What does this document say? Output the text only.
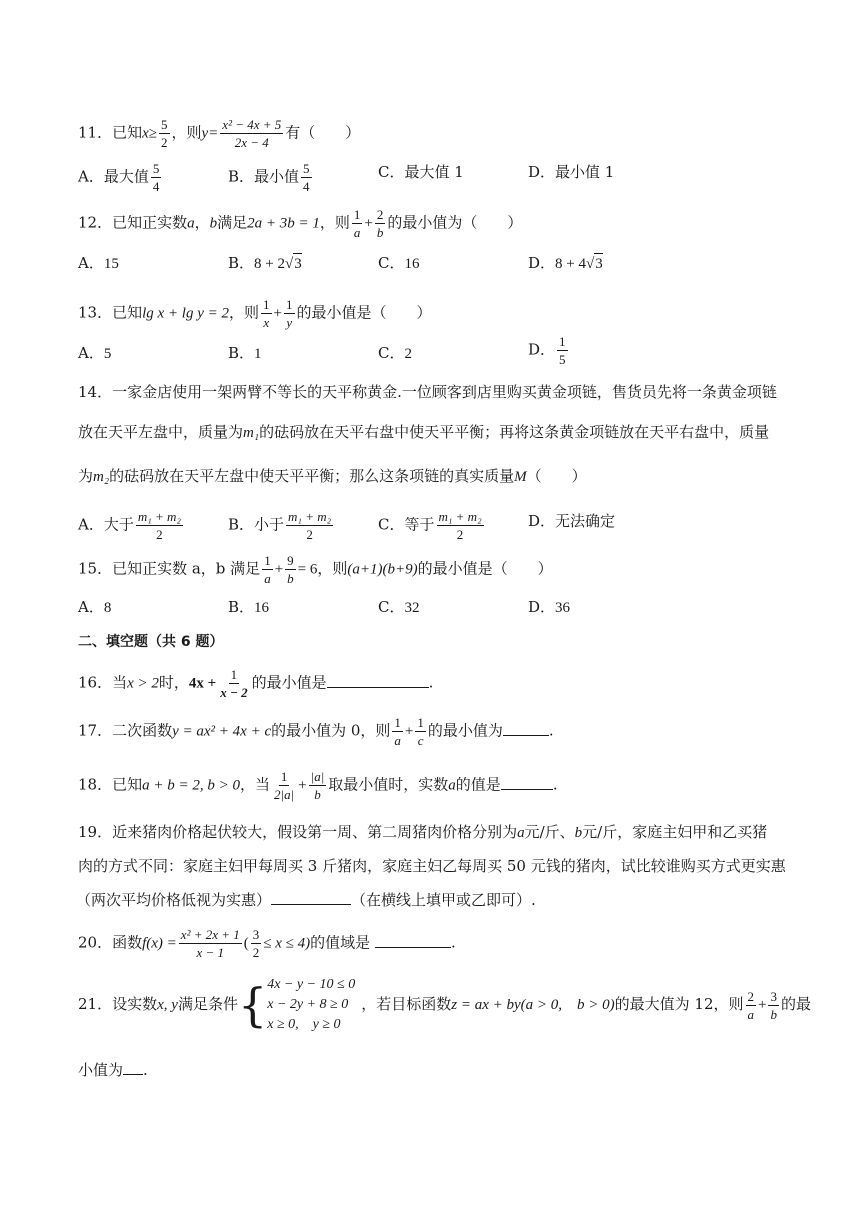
11．已知$x\ge \frac{5}{2}$ ，则$y= \frac{\text{x² − 4x + 5}}{2x - 4}$ 有（　　）
A．最大值 $\frac{5}{4}$	B．最小值 $\frac{5}{4}$	C．最大值 1	D．最小值 1
12．已知正实数a，b满足2a + 3b = 1，则 $\frac{1}{a} + \frac{2}{b}$ 的最小值为（　　）
A．15	B．8 + 2√3	C．16	D．8 + 4√3
13．已知lg x + lg y = 2，则 $\frac{1}{x} + \frac{1}{y}$ 的最小值是（　　）
A．5	B．1	C．2	D． $\frac{1}{5}$
14．一家金店使用一架两臂不等长的天平称黄金.一位顾客到店里购买黄金项链，售货员先将一条黄金项链
放在天平左盘中，质量为m₁的砝码放在天平右盘中使天平平衡；再将这条黄金项链放在天平右盘中，质量
为m₂的砝码放在天平左盘中使天平平衡；那么这条项链的真实质量M（　　）
A．大于 $\frac{\text{m₁ + m₂}}{2}$	B．小于 $\frac{\text{m₁ + m₂}}{2}$	C．等于 $\frac{\text{m₁ + m₂}}{2}$	D．无法确定
15．已知正实数 a，b 满足 $\frac{1}{a} + \frac{9}{b} = 6$，则(a+1)(b+9)的最小值是（　　）
A．8	B．16	C．32	D．36
二、填空题（共 6 题）
16．当x > 2时，$4x + \frac{1}{x - 2}$ 的最小值是	.
17．二次函数y = ax² + 4x + c的最小值为 0，则 $\frac{1}{a} + \frac{1}{c}$ 的最小值为	.
18．已知a + b = 2, b > 0，当 $\frac{1}{2|a|} + \frac{|a|}{b}$ 取最小值时，实数a的值是	.
19．近来猪肉价格起伏较大，假设第一周、第二周猪肉价格分别为a元/斤、b元/斤，家庭主妇甲和乙买猪
肉的方式不同：家庭主妇甲每周买 3 斤猪肉，家庭主妇乙每周买 50 元钱的猪肉，试比较谁购买方式更实惠
（两次平均价格低视为实惠）	（在横线上填甲或乙即可）.
20．函数$f(x) = \frac{\text{x² + 2x + 1}}{x - 1}$ ( $\frac{3}{2} \le x \le 4$)的值域是	.
21．设实数x, y满足条件{ 4x − y − 10 ≤ 0
x − 2y + 8 ≥ 0
x ≥ 0,　y ≥ 0
，若目标函数z = ax + by(a > 0,　b > 0)的最大值为 12，则 $\frac{2}{a} + \frac{3}{b}$ 的最
小值为 .
